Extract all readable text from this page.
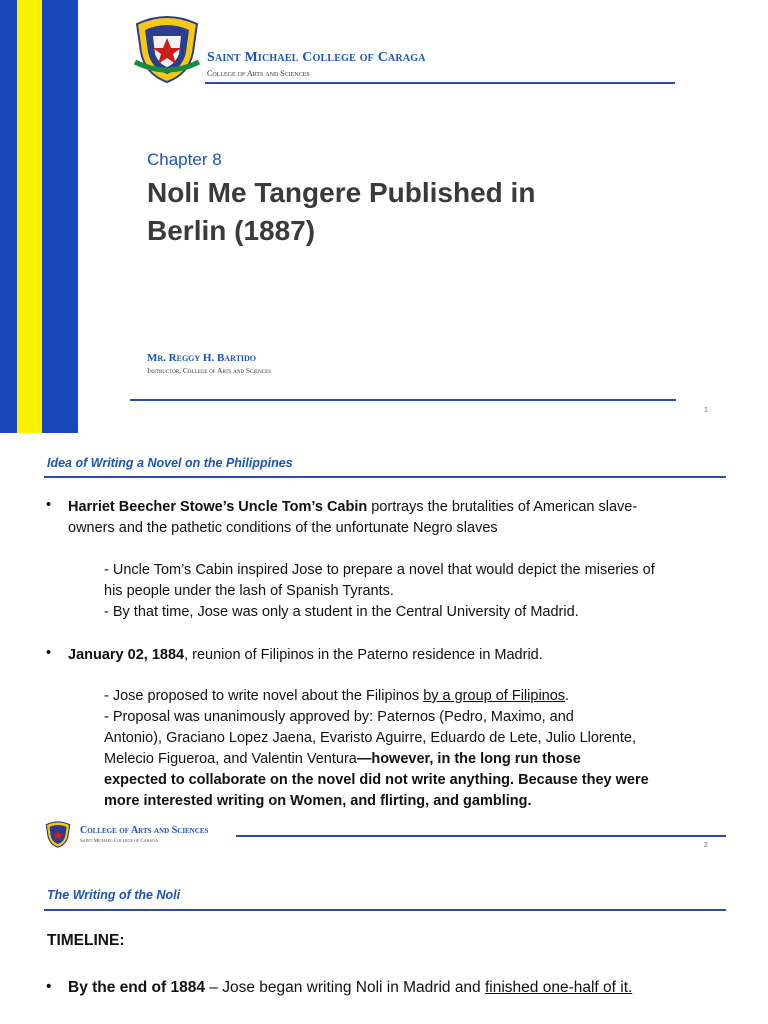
Saint Michael College of Caraga
College of Arts and Sciences
Chapter 8
Noli Me Tangere Published in
Berlin (1887)
Mr. Reggy H. Bartido
Instructor, College of Arts and Sciences
1
Idea of Writing a Novel on the Philippines
• Harriet Beecher Stowe’s Uncle Tom’s Cabin portrays the brutalities of American slave-
owners and the pathetic conditions of the unfortunate Negro slaves
- Uncle Tom’s Cabin inspired Jose to prepare a novel that would depict the miseries of
his people under the lash of Spanish Tyrants.
- By that time, Jose was only a student in the Central University of Madrid.
• January 02, 1884, reunion of Filipinos in the Paterno residence in Madrid.
- Jose proposed to write novel about the Filipinos by a group of Filipinos.
- Proposal was unanimously approved by: Paternos (Pedro, Maximo, and
Antonio), Graciano Lopez Jaena, Evaristo Aguirre, Eduardo de Lete, Julio Llorente,
Melecio Figueroa, and Valentin Ventura—however, in the long run those
expected to collaborate on the novel did not write anything. Because they were
more interested writing on Women, and flirting, and gambling.
College of Arts and Sciences
Saint Michael College of Caraga
2
The Writing of the Noli
TIMELINE:
• By the end of 1884 – Jose began writing Noli in Madrid and finished one-half of it.
